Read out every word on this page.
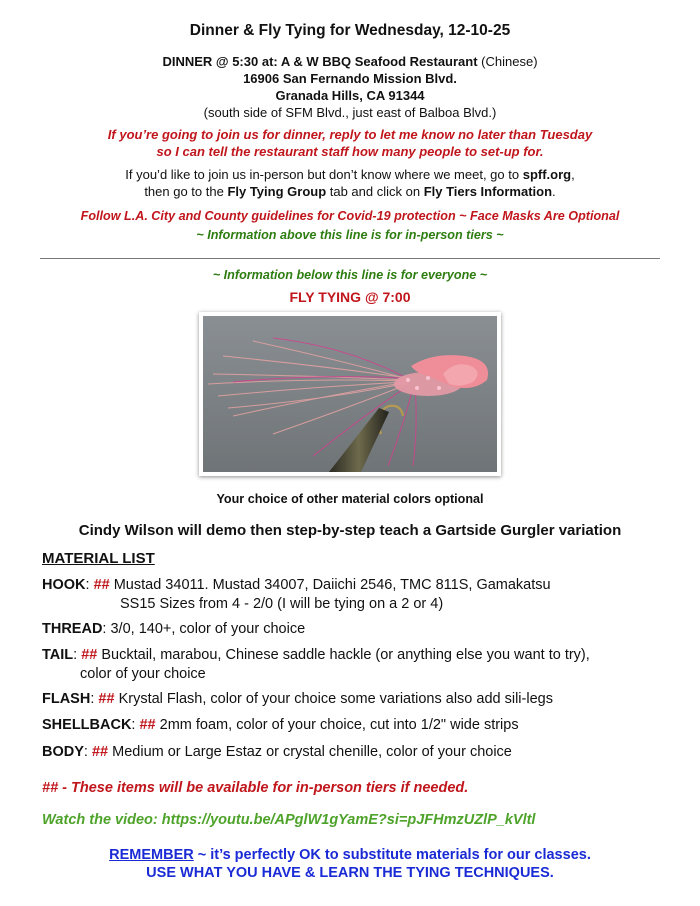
Dinner & Fly Tying for Wednesday, 12-10-25
DINNER @ 5:30 at: A & W BBQ Seafood Restaurant (Chinese)
16906 San Fernando Mission Blvd.
Granada Hills, CA 91344
(south side of SFM Blvd., just east of Balboa Blvd.)
If you’re going to join us for dinner, reply to let me know no later than Tuesday
so I can tell the restaurant staff how many people to set-up for.
If you’d like to join us in-person but don’t know where we meet, go to spff.org,
then go to the Fly Tying Group tab and click on Fly Tiers Information.
Follow L.A. City and County guidelines for Covid-19 protection ~ Face Masks Are Optional
~ Information above this line is for in-person tiers ~
~ Information below this line is for everyone ~
FLY TYING @ 7:00
Your choice of other material colors optional
Cindy Wilson will demo then step-by-step teach a Gartside Gurgler variation
MATERIAL LIST
HOOK: ## Mustad 34011. Mustad 34007, Daiichi 2546, TMC 811S, Gamakatsu
SS15 Sizes from 4 - 2/0 (I will be tying on a 2 or 4)
THREAD: 3/0, 140+, color of your choice
TAIL: ## Bucktail, marabou, Chinese saddle hackle (or anything else you want to try),
color of your choice
FLASH: ## Krystal Flash, color of your choice some variations also add sili-legs
SHELLBACK: ## 2mm foam, color of your choice, cut into 1/2" wide strips
BODY: ## Medium or Large Estaz or crystal chenille, color of your choice
## - These items will be available for in-person tiers if needed.
Watch the video: https://youtu.be/APglW1gYamE?si=pJFHmzUZlP_kVltl
REMEMBER ~ it’s perfectly OK to substitute materials for our classes.
USE WHAT YOU HAVE & LEARN THE TYING TECHNIQUES.
